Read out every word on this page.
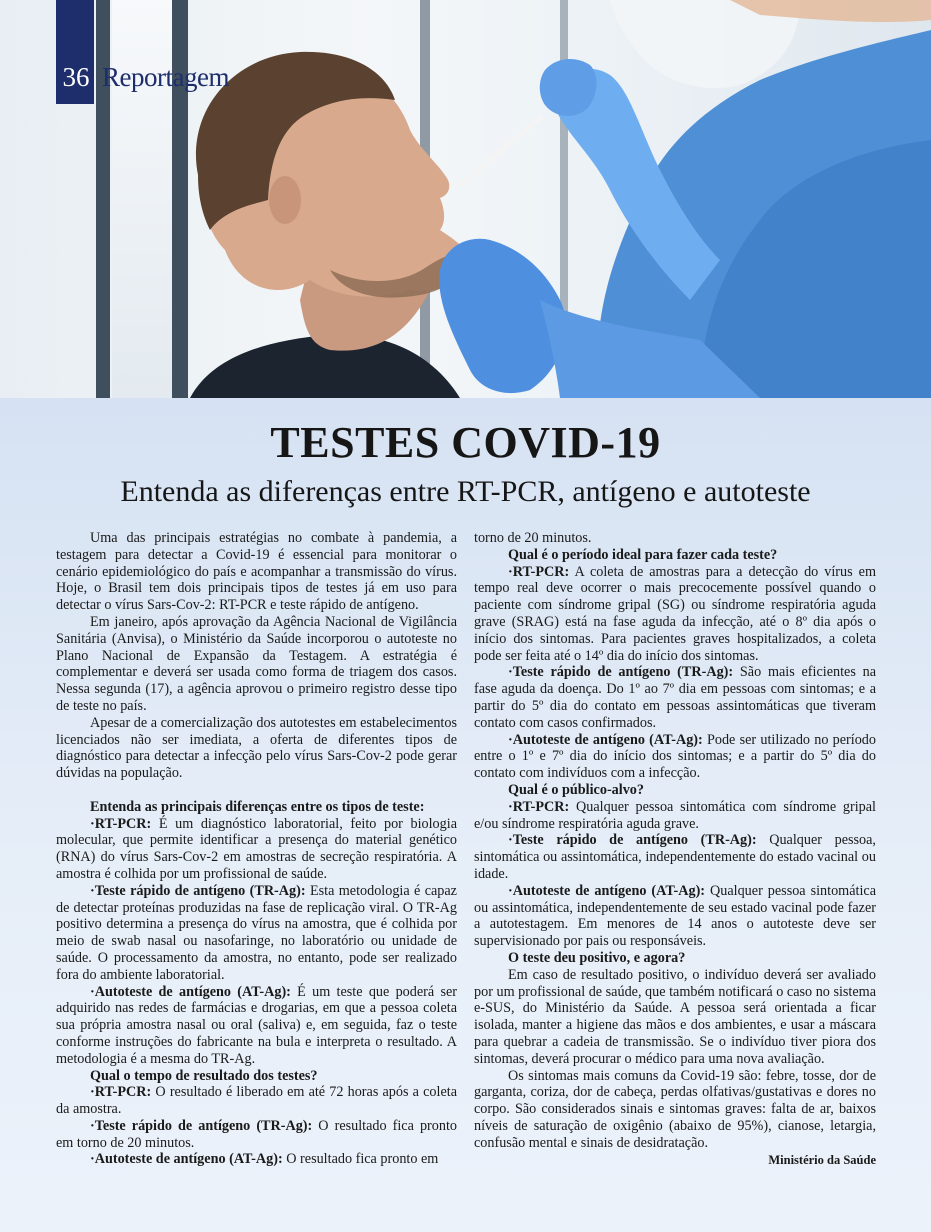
36 Reportagem
TESTES COVID-19
Entenda as diferenças entre RT-PCR, antígeno e autoteste

Uma das principais estratégias no combate à pandemia, a testagem para detectar a Covid-19 é essencial para monitorar o cenário epidemiológico do país e acompanhar a transmissão do vírus. Hoje, o Brasil tem dois principais tipos de testes já em uso para detectar o vírus Sars-Cov-2: RT-PCR e teste rápido de antígeno.

Em janeiro, após aprovação da Agência Nacional de Vigilância Sanitária (Anvisa), o Ministério da Saúde incorporou o autoteste no Plano Nacional de Expansão da Testagem. A estratégia é complementar e deverá ser usada como forma de triagem dos casos. Nessa segunda (17), a agência aprovou o primeiro registro desse tipo de teste no país.

Apesar de a comercialização dos autotestes em estabelecimentos licenciados não ser imediata, a oferta de diferentes tipos de diagnóstico para detectar a infecção pelo vírus Sars-Cov-2 pode gerar dúvidas na população.

Entenda as principais diferenças entre os tipos de teste:

·RT-PCR: É um diagnóstico laboratorial, feito por biologia molecular, que permite identificar a presença do material genético (RNA) do vírus Sars-Cov-2 em amostras de secreção respiratória. A amostra é colhida por um profissional de saúde.

·Teste rápido de antígeno (TR-Ag): Esta metodologia é capaz de detectar proteínas produzidas na fase de replicação viral. O TR-Ag positivo determina a presença do vírus na amostra, que é colhida por meio de swab nasal ou nasofaringe, no laboratório ou unidade de saúde. O processamento da amostra, no entanto, pode ser realizado fora do ambiente laboratorial.

·Autoteste de antígeno (AT-Ag): É um teste que poderá ser adquirido nas redes de farmácias e drogarias, em que a pessoa coleta sua própria amostra nasal ou oral (saliva) e, em seguida, faz o teste conforme instruções do fabricante na bula e interpreta o resultado. A metodologia é a mesma do TR-Ag.

Qual o tempo de resultado dos testes?

·RT-PCR: O resultado é liberado em até 72 horas após a coleta da amostra.

·Teste rápido de antígeno (TR-Ag): O resultado fica pronto em torno de 20 minutos.

·Autoteste de antígeno (AT-Ag): O resultado fica pronto em

torno de 20 minutos.

Qual é o período ideal para fazer cada teste?

·RT-PCR: A coleta de amostras para a detecção do vírus em tempo real deve ocorrer o mais precocemente possível quando o paciente com síndrome gripal (SG) ou síndrome respiratória aguda grave (SRAG) está na fase aguda da infecção, até o 8º dia após o início dos sintomas. Para pacientes graves hospitalizados, a coleta pode ser feita até o 14º dia do início dos sintomas.

·Teste rápido de antígeno (TR-Ag): São mais eficientes na fase aguda da doença. Do 1º ao 7º dia em pessoas com sintomas; e a partir do 5º dia do contato em pessoas assintomáticas que tiveram contato com casos confirmados.

·Autoteste de antígeno (AT-Ag): Pode ser utilizado no período entre o 1º e 7º dia do início dos sintomas; e a partir do 5º dia do contato com indivíduos com a infecção.

Qual é o público-alvo?

·RT-PCR: Qualquer pessoa sintomática com síndrome gripal e/ou síndrome respiratória aguda grave.

·Teste rápido de antígeno (TR-Ag): Qualquer pessoa, sintomática ou assintomática, independentemente do estado vacinal ou idade.

·Autoteste de antígeno (AT-Ag): Qualquer pessoa sintomática ou assintomática, independentemente de seu estado vacinal pode fazer a autotestagem. Em menores de 14 anos o autoteste deve ser supervisionado por pais ou responsáveis.

O teste deu positivo, e agora?

Em caso de resultado positivo, o indivíduo deverá ser avaliado por um profissional de saúde, que também notificará o caso no sistema e-SUS, do Ministério da Saúde. A pessoa será orientada a ficar isolada, manter a higiene das mãos e dos ambientes, e usar a máscara para quebrar a cadeia de transmissão. Se o indivíduo tiver piora dos sintomas, deverá procurar o médico para uma nova avaliação.

Os sintomas mais comuns da Covid-19 são: febre, tosse, dor de garganta, coriza, dor de cabeça, perdas olfativas/gustativas e dores no corpo. São considerados sinais e sintomas graves: falta de ar, baixos níveis de saturação de oxigênio (abaixo de 95%), cianose, letargia, confusão mental e sinais de desidratação.

Ministério da Saúde
